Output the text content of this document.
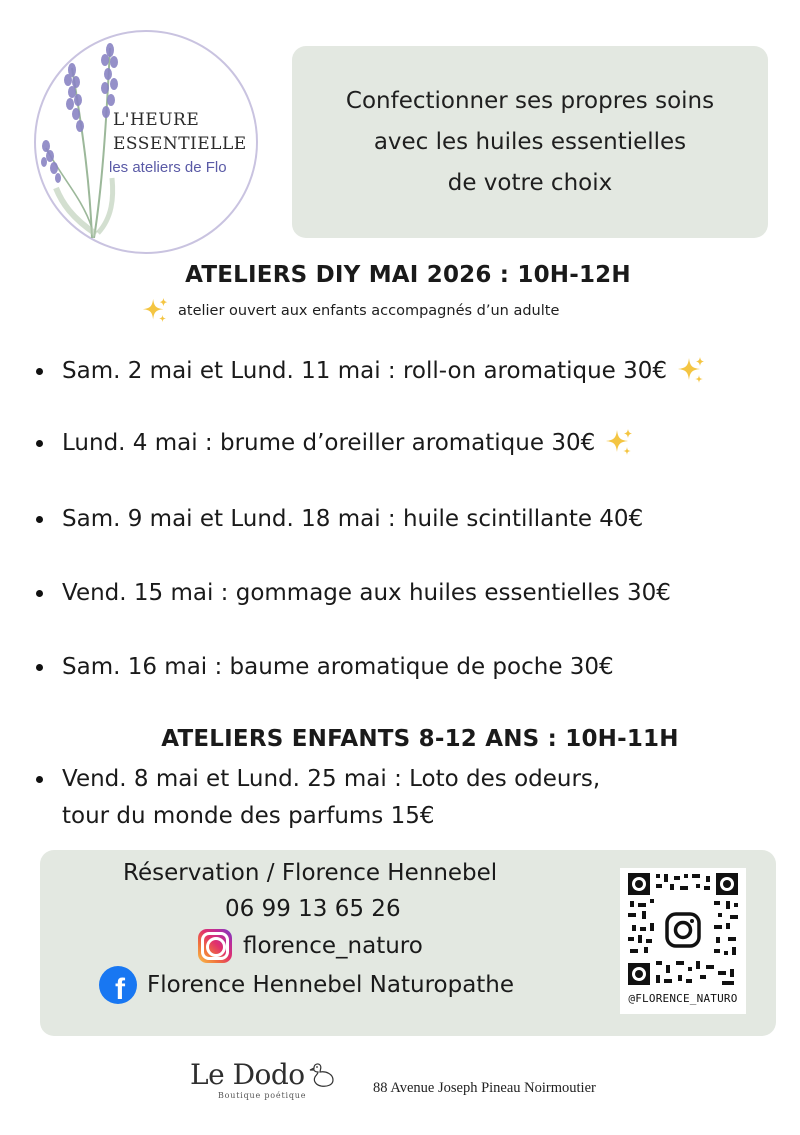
L'HEURE
ESSENTIELLE
les ateliers de Flo

Confectionner ses propres soins

avec les huiles essentielles

de votre choix

ATELIERS DIY MAI 2026 : 10H-12H
atelier ouvert aux enfants accompagnés d’un adulte
Sam. 2 mai et Lund. 11 mai : roll-on aromatique 30€
Lund. 4 mai : brume d’oreiller aromatique 30€
Sam. 9 mai et Lund. 18 mai : huile scintillante 40€
Vend. 15 mai : gommage aux huiles essentielles 30€
Sam. 16 mai : baume aromatique de poche 30€
ATELIERS ENFANTS 8-12 ANS : 10H-11H
Vend. 8 mai et Lund. 25 mai : Loto des odeurs,
tour du monde des parfums 15€
Réservation / Florence Hennebel
06 99 13 65 26
florence_naturo
f Florence Hennebel Naturopathe
@FLORENCE_NATURO
Le Dodo
Boutique poétique	88 Avenue Joseph Pineau Noirmoutier
